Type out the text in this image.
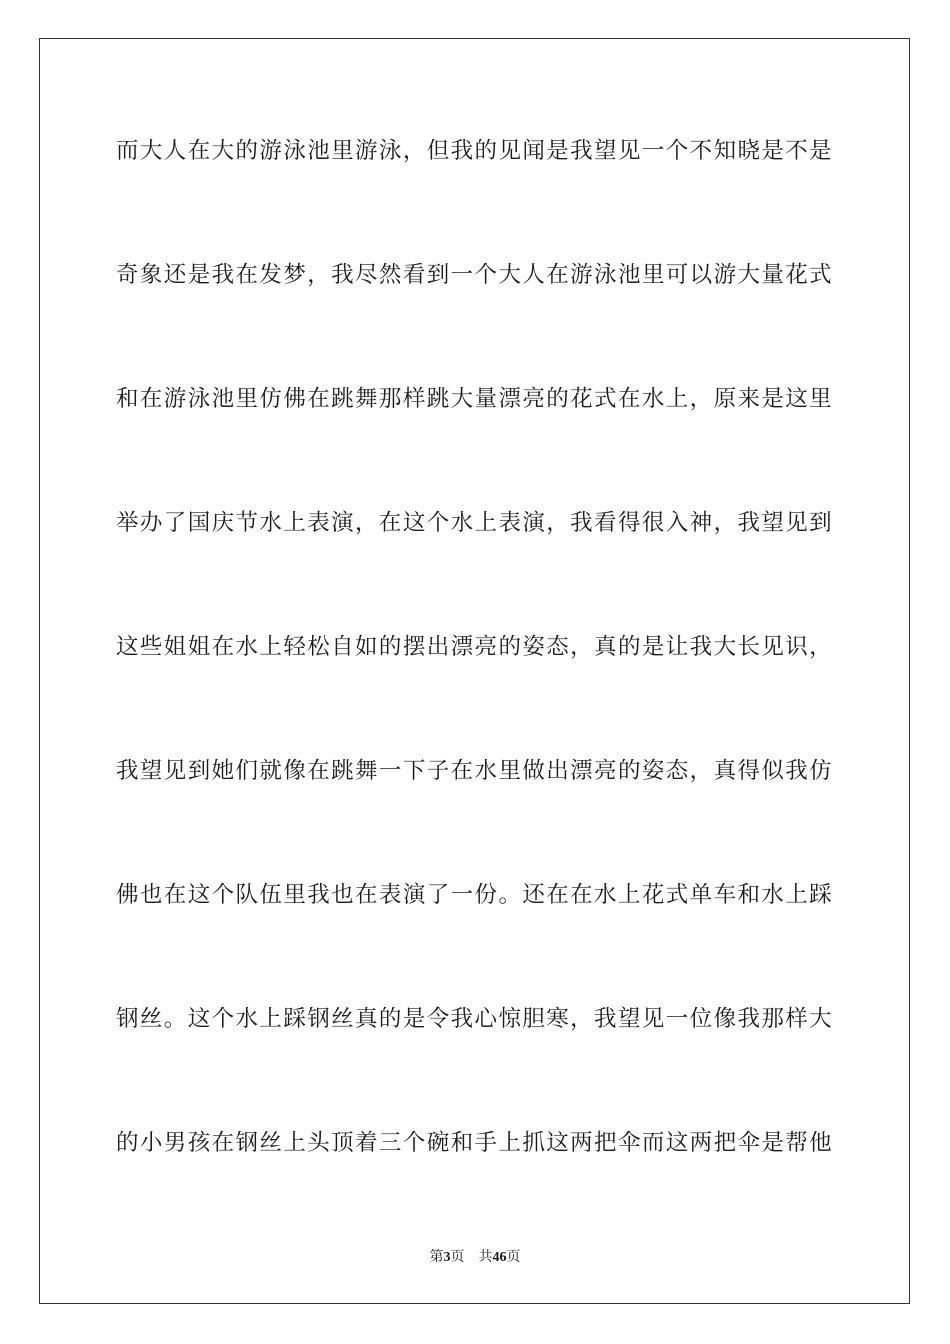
而大人在大的游泳池里游泳，但我的见闻是我望见一个不知晓是不是
奇象还是我在发梦，我尽然看到一个大人在游泳池里可以游大量花式
和在游泳池里仿佛在跳舞那样跳大量漂亮的花式在水上，原来是这里
举办了国庆节水上表演，在这个水上表演，我看得很入神，我望见到
这些姐姐在水上轻松自如的摆出漂亮的姿态，真的是让我大长见识，
我望见到她们就像在跳舞一下子在水里做出漂亮的姿态，真得似我仿
佛也在这个队伍里我也在表演了一份。还在在水上花式单车和水上踩
钢丝。这个水上踩钢丝真的是令我心惊胆寒，我望见一位像我那样大
的小男孩在钢丝上头顶着三个碗和手上抓这两把伞而这两把伞是帮他
第3页 共46页
